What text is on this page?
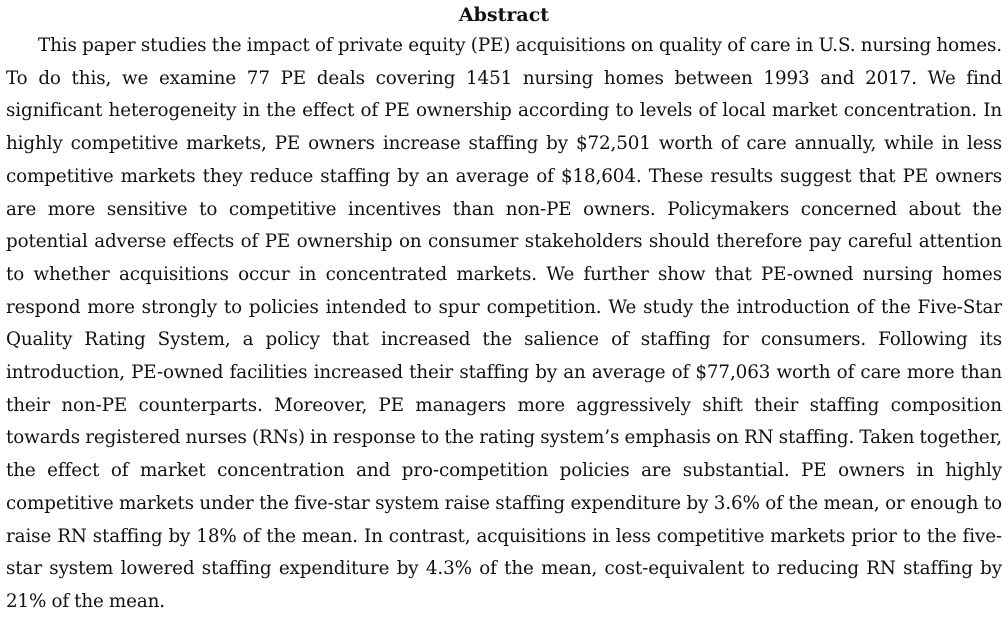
Abstract

This paper studies the impact of private equity (PE) acquisitions on quality of care in U.S. nursing homes. To do this, we examine 77 PE deals covering 1451 nursing homes between 1993 and 2017. We find significant heterogeneity in the effect of PE ownership according to levels of local market concentration. In highly competitive markets, PE owners increase staffing by $72,501 worth of care annually, while in less competitive markets they reduce staffing by an average of $18,604. These results suggest that PE owners are more sensitive to competitive incentives than non-PE owners. Policymakers concerned about the potential adverse effects of PE ownership on consumer stakeholders should therefore pay careful attention to whether acquisitions occur in concentrated markets. We further show that PE-owned nursing homes respond more strongly to policies intended to spur competition. We study the introduction of the Five-Star Quality Rating System, a policy that increased the salience of staffing for consumers. Following its introduction, PE-owned facilities increased their staffing by an average of $77,063 worth of care more than their non-PE counterparts. Moreover, PE managers more aggressively shift their staffing composition towards registered nurses (RNs) in response to the rating system’s emphasis on RN staffing. Taken together, the effect of market concentration and pro-competition policies are substantial. PE owners in highly competitive markets under the five-star system raise staffing expenditure by 3.6% of the mean, or enough to raise RN staffing by 18% of the mean. In contrast, acquisitions in less competitive markets prior to the five-star system lowered staffing expenditure by 4.3% of the mean, cost-equivalent to reducing RN staffing by 21% of the mean.
